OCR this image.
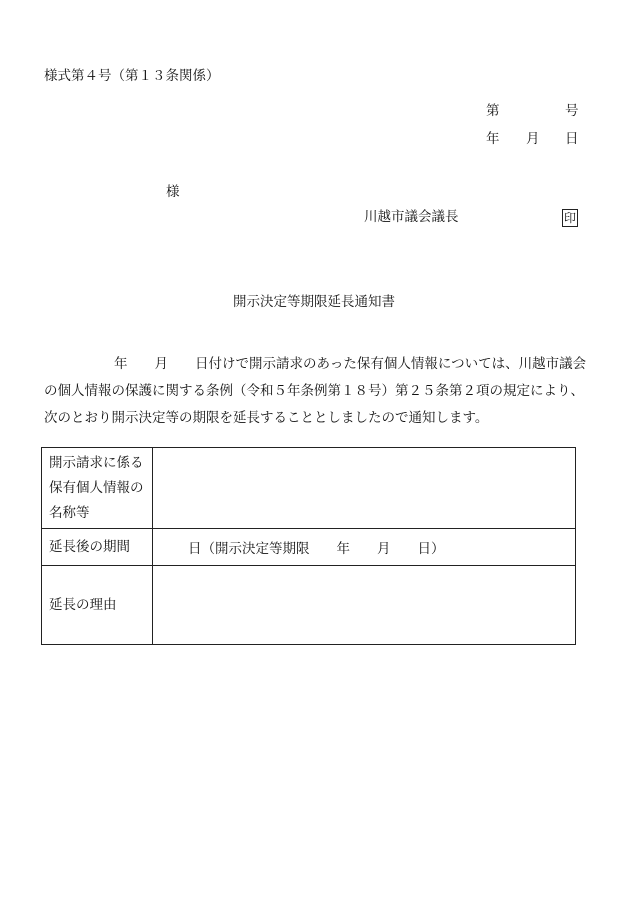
様式第４号（第１３条関係）
第	号
年 月 日
様
川越市議会議長	印
開示決定等期限延長通知書

年　　月　　日付けで開示請求のあった保有個人情報については、川越市議会

の個人情報の保護に関する条例（令和５年条例第１８号）第２５条第２項の規定により、

次のとおり開示決定等の期限を延長することとしましたので通知します。

開示請求に係る
保有個人情報の
名称等	

延長後の期間	日（開示決定等期限　　年　　月　　日）
延長の理由	
